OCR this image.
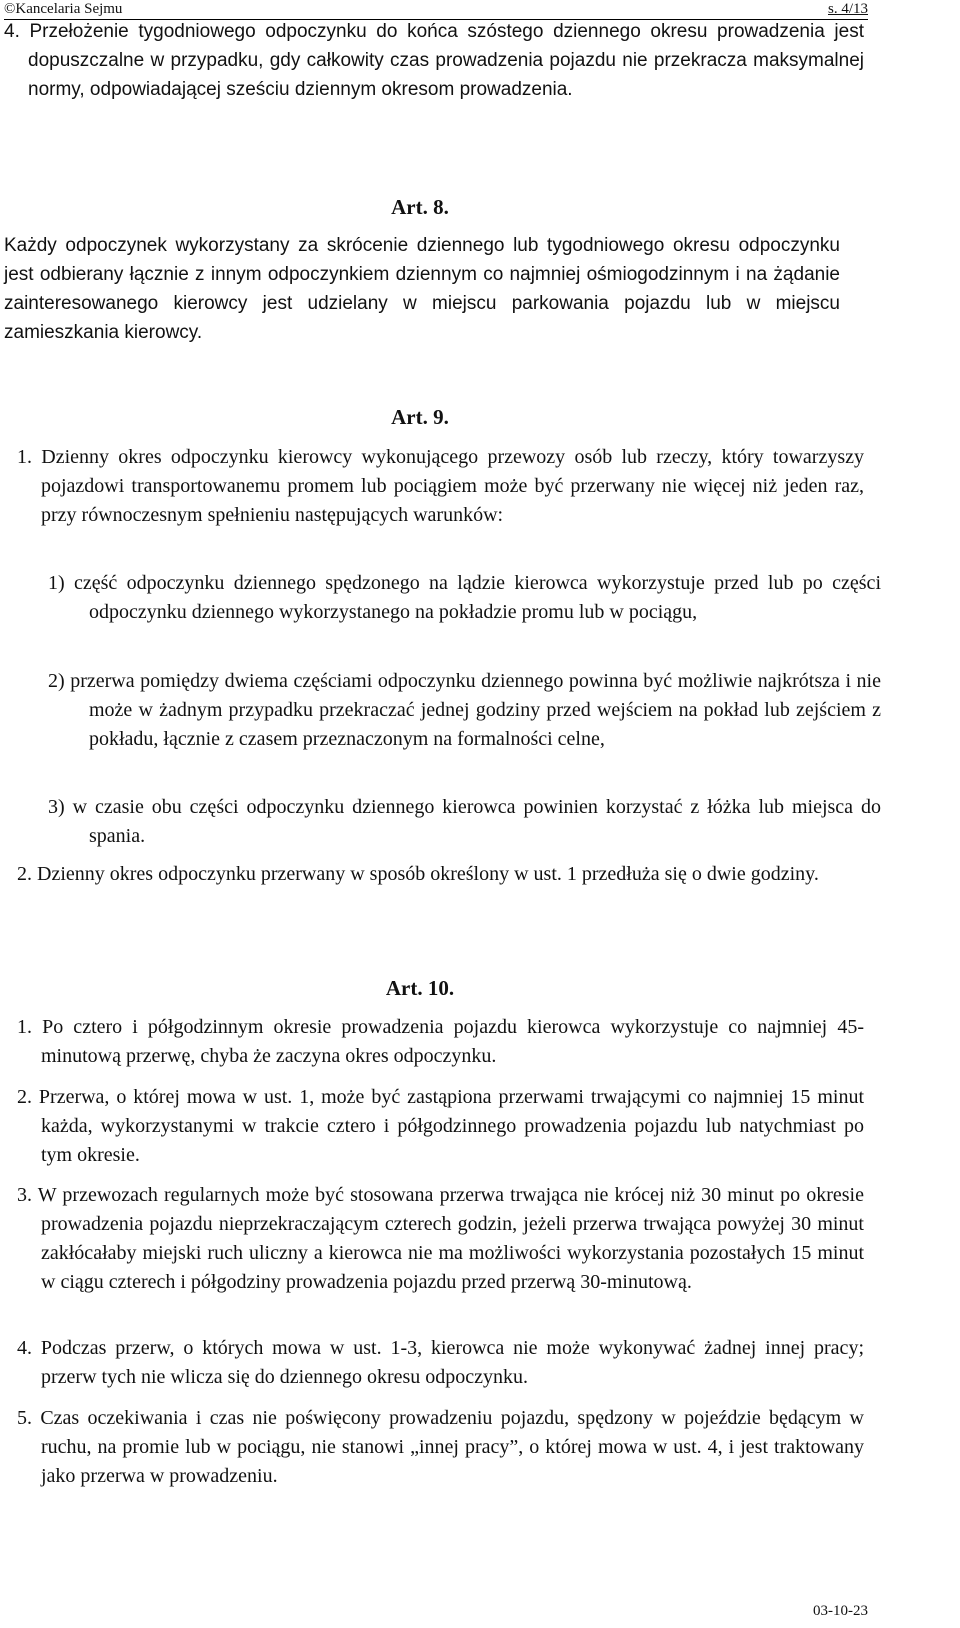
©Kancelaria Sejmu	s. 4/13

4. Przełożenie tygodniowego odpoczynku do końca szóstego dziennego okresu prowadzenia jest dopuszczalne w przypadku, gdy całkowity czas prowadzenia pojazdu nie przekracza maksymalnej normy, odpowiadającej sześciu dziennym okresom prowadzenia.

Art. 8.

Każdy odpoczynek wykorzystany za skrócenie dziennego lub tygodniowego okresu odpoczynku jest odbierany łącznie z innym odpoczynkiem dziennym co najmniej ośmiogodzinnym i na żądanie zainteresowanego kierowcy jest udzielany w miejscu parkowania pojazdu lub w miejscu zamieszkania kierowcy.

Art. 9.

1. Dzienny okres odpoczynku kierowcy wykonującego przewozy osób lub rzeczy, który towarzyszy pojazdowi transportowanemu promem lub pociągiem może być przerwany nie więcej niż jeden raz, przy równoczesnym spełnieniu następujących warunków:

1) część odpoczynku dziennego spędzonego na lądzie kierowca wykorzystuje przed lub po części odpoczynku dziennego wykorzystanego na pokładzie promu lub w pociągu,

2) przerwa pomiędzy dwiema częściami odpoczynku dziennego powinna być możliwie najkrótsza i nie może w żadnym przypadku przekraczać jednej godziny przed wejściem na pokład lub zejściem z pokładu, łącznie z czasem przeznaczonym na formalności celne,

3) w czasie obu części odpoczynku dziennego kierowca powinien korzystać z łóżka lub miejsca do spania.

2. Dzienny okres odpoczynku przerwany w sposób określony w ust. 1 przedłuża się o dwie godziny.

Art. 10.

1. Po cztero i półgodzinnym okresie prowadzenia pojazdu kierowca wykorzystuje co najmniej 45-minutową przerwę, chyba że zaczyna okres odpoczynku.

2. Przerwa, o której mowa w ust. 1, może być zastąpiona przerwami trwającymi co najmniej 15 minut każda, wykorzystanymi w trakcie cztero i półgodzinnego prowadzenia pojazdu lub natychmiast po tym okresie.

3. W przewozach regularnych może być stosowana przerwa trwająca nie krócej niż 30 minut po okresie prowadzenia pojazdu nieprzekraczającym czterech godzin, jeżeli przerwa trwająca powyżej 30 minut zakłócałaby miejski ruch uliczny a kierowca nie ma możliwości wykorzystania pozostałych 15 minut w ciągu czterech i półgodziny prowadzenia pojazdu przed przerwą 30-minutową.

4. Podczas przerw, o których mowa w ust. 1-3, kierowca nie może wykonywać żadnej innej pracy; przerw tych nie wlicza się do dziennego okresu odpoczynku.

5. Czas oczekiwania i czas nie poświęcony prowadzeniu pojazdu, spędzony w pojeździe będącym w ruchu, na promie lub w pociągu, nie stanowi „innej pracy”, o której mowa w ust. 4, i jest traktowany jako przerwa w prowadzeniu.

03-10-23
